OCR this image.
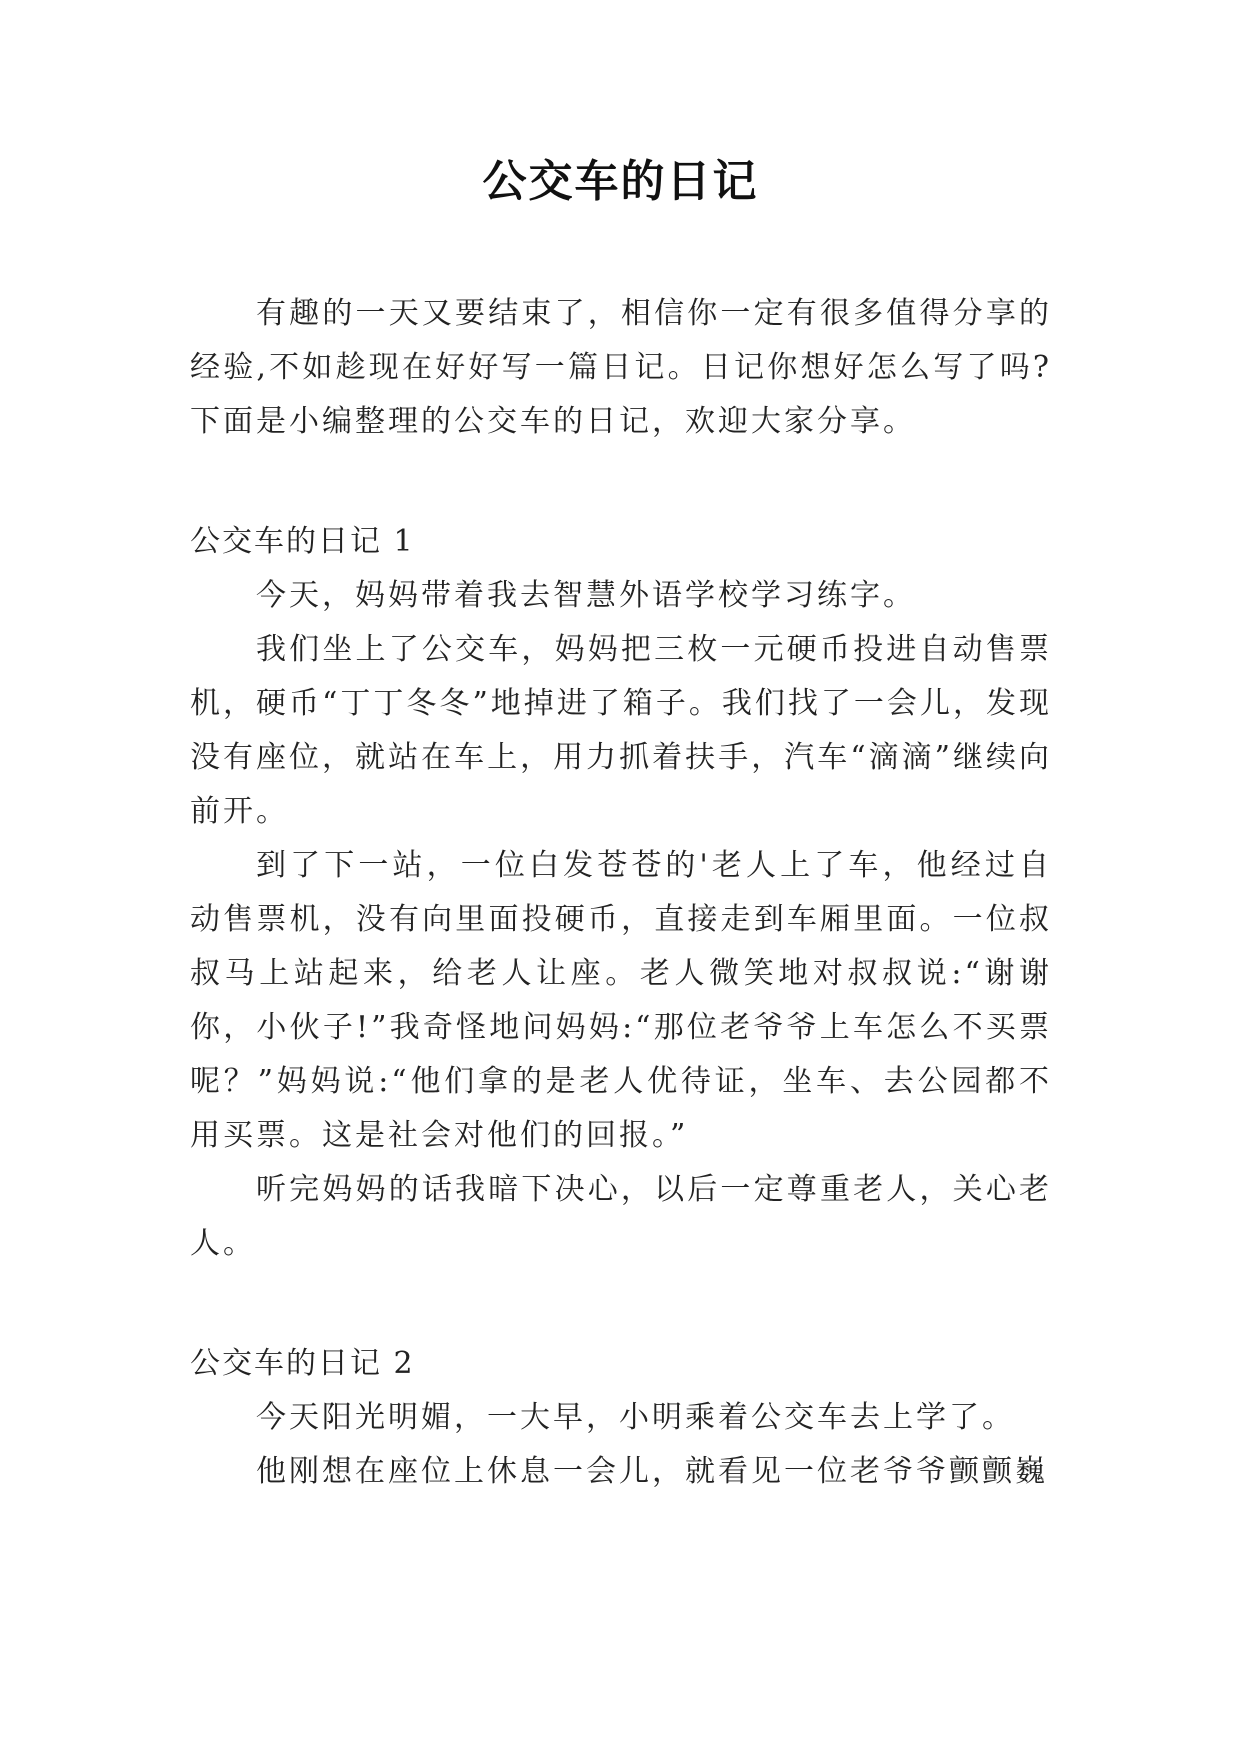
公交车的日记

有趣的一天又要结束了，相信你一定有很多值得分享的经验,不如趁现在好好写一篇日记。日记你想好怎么写了吗?下面是小编整理的公交车的日记，欢迎大家分享。

公交车的日记 1

今天，妈妈带着我去智慧外语学校学习练字。

我们坐上了公交车，妈妈把三枚一元硬币投进自动售票机，硬币“丁丁冬冬”地掉进了箱子。我们找了一会儿，发现没有座位，就站在车上，用力抓着扶手，汽车“滴滴”继续向前开。

到了下一站，一位白发苍苍的'老人上了车，他经过自动售票机，没有向里面投硬币，直接走到车厢里面。一位叔叔马上站起来，给老人让座。老人微笑地对叔叔说:“谢谢你，小伙子!”我奇怪地问妈妈:“那位老爷爷上车怎么不买票呢？”妈妈说:“他们拿的是老人优待证，坐车、去公园都不用买票。这是社会对他们的回报。”

听完妈妈的话我暗下决心，以后一定尊重老人，关心老人。

公交车的日记 2

今天阳光明媚，一大早，小明乘着公交车去上学了。

他刚想在座位上休息一会儿，就看见一位老爷爷颤颤巍
